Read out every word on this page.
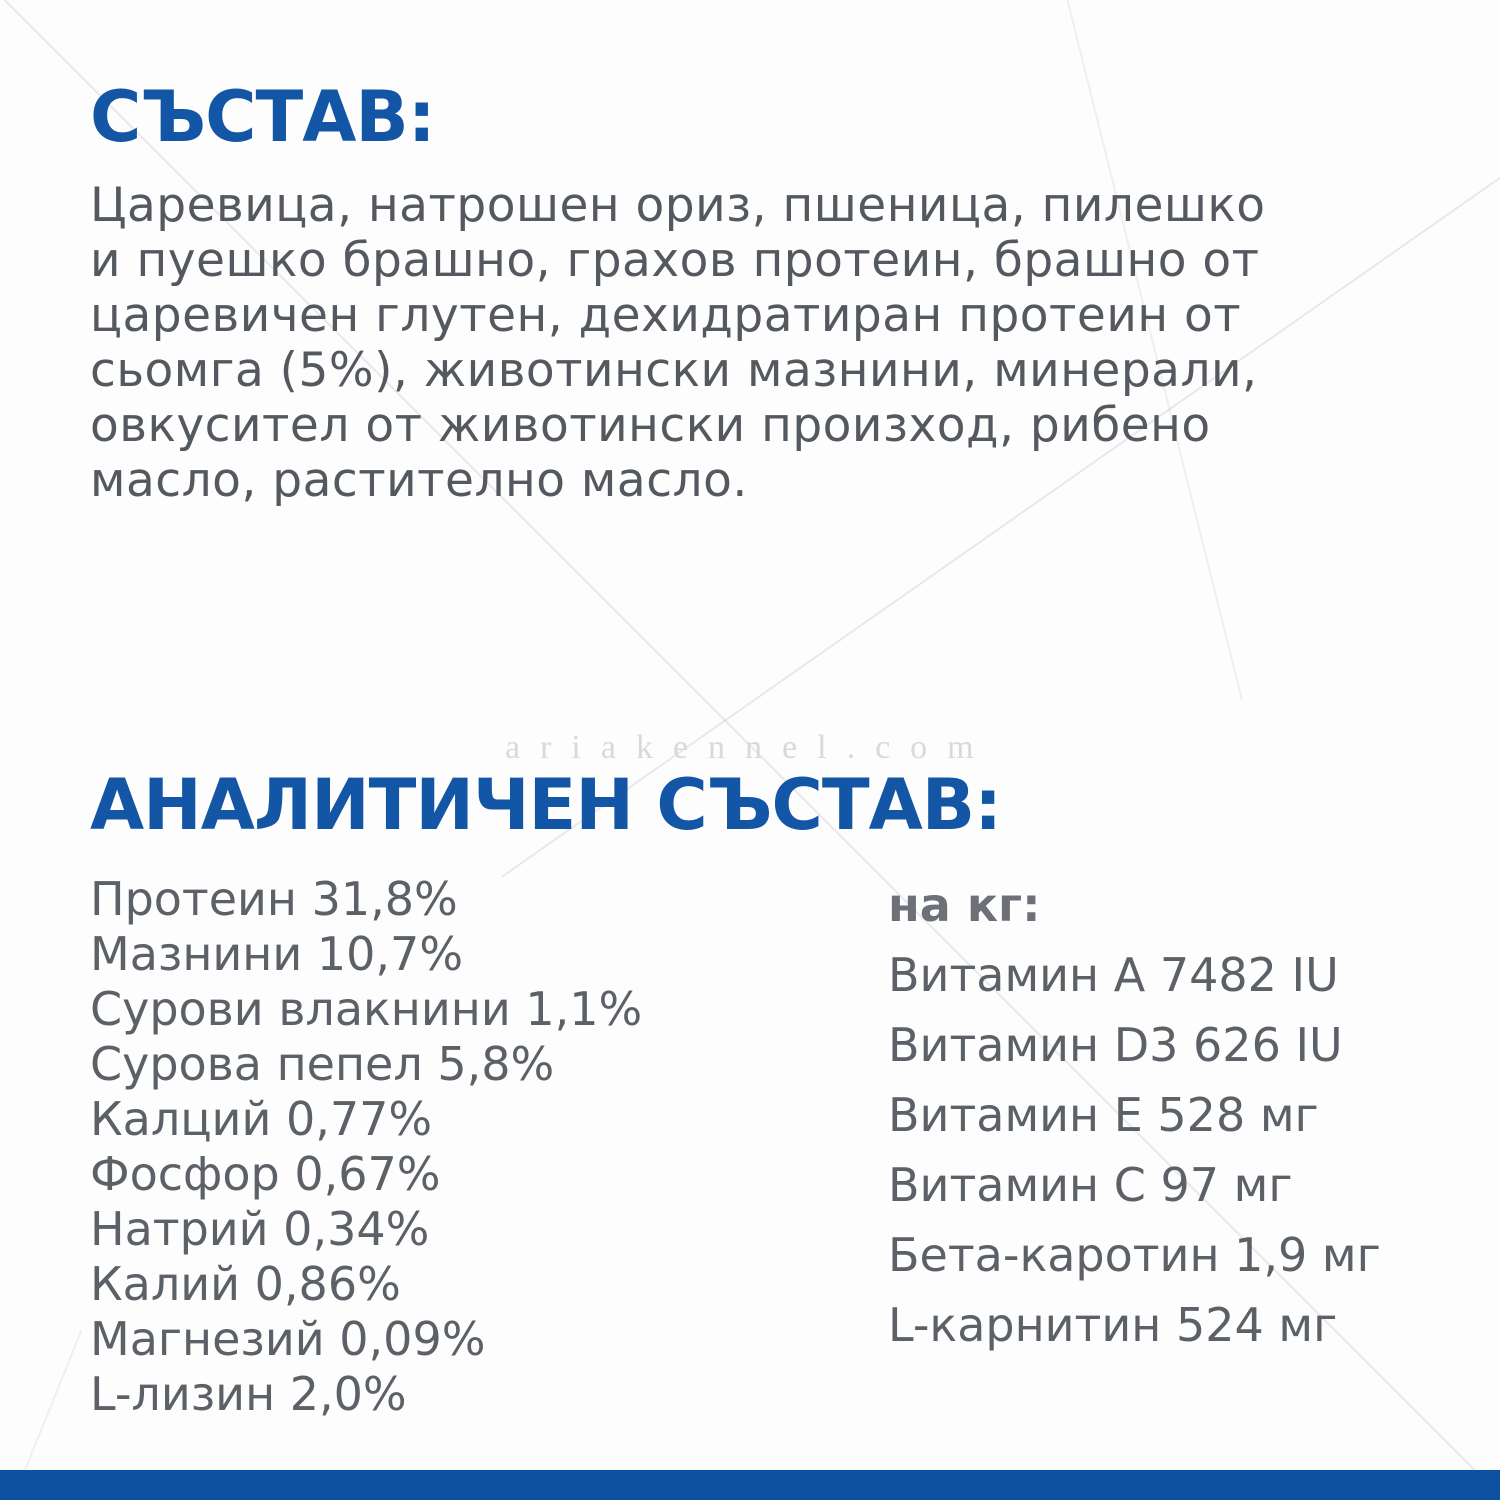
СЪСТАВ:
Царевица, натрошен ориз, пшеница, пилешко
и пуешко брашно, грахов протеин, брашно от
царевичен глутен, дехидратиран протеин от
сьомга (5%), животински мазнини, минерали,
овкусител от животински произход, рибено
масло, растително масло.
ariakennel.com
АНАЛИТИЧЕН СЪСТАВ:
Протеин 31,8%
Мазнини 10,7%
Сурови влакнини 1,1%
Сурова пепел 5,8%
Калций 0,77%
Фосфор 0,67%
Натрий 0,34%
Калий 0,86%
Магнезий 0,09%
L-лизин 2,0%
на кг:
Витамин A 7482 IU
Витамин D3 626 IU
Витамин E 528 мг
Витамин C 97 мг
Бета-каротин 1,9 мг
L-карнитин 524 мг
